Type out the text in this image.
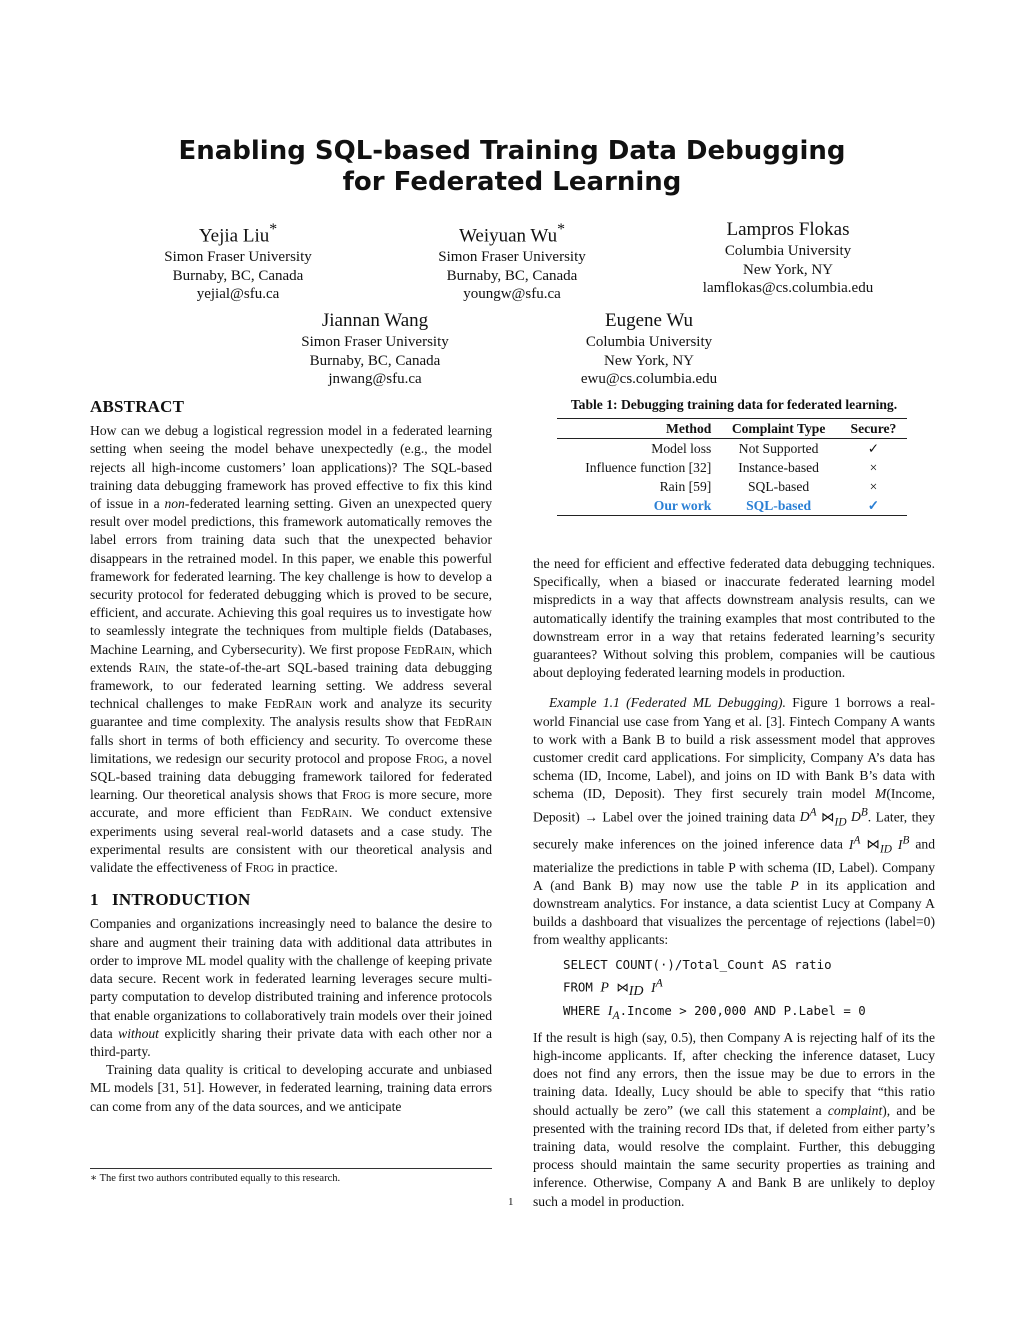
Enabling SQL-based Training Data Debugging
for Federated Learning
Yejia Liu*
Simon Fraser University
Burnaby, BC, Canada
yejial@sfu.ca
Weiyuan Wu*
Simon Fraser University
Burnaby, BC, Canada
youngw@sfu.ca
Lampros Flokas
Columbia University
New York, NY
lamflokas@cs.columbia.edu
Jiannan Wang
Simon Fraser University
Burnaby, BC, Canada
jnwang@sfu.ca
Eugene Wu
Columbia University
New York, NY
ewu@cs.columbia.edu
ABSTRACT

How can we debug a logistical regression model in a federated learning setting when seeing the model behave unexpectedly (e.g., the model rejects all high-income customers’ loan applications)? The SQL-based training data debugging framework has proved effective to fix this kind of issue in a non-federated learning setting. Given an unexpected query result over model predictions, this framework automatically removes the label errors from training data such that the unexpected behavior disappears in the retrained model. In this paper, we enable this powerful framework for federated learning. The key challenge is how to develop a security protocol for federated debugging which is proved to be secure, efficient, and accurate. Achieving this goal requires us to investigate how to seamlessly integrate the techniques from multiple fields (Databases, Machine Learning, and Cybersecurity). We first propose FedRain, which extends Rain, the state-of-the-art SQL-based training data debugging framework, to our federated learning setting. We address several technical challenges to make FedRain work and analyze its security guarantee and time complexity. The analysis results show that FedRain falls short in terms of both efficiency and security. To overcome these limitations, we redesign our security protocol and propose Frog, a novel SQL-based training data debugging framework tailored for federated learning. Our theoretical analysis shows that Frog is more secure, more accurate, and more efficient than FedRain. We conduct extensive experiments using several real-world datasets and a case study. The experimental results are consistent with our theoretical analysis and validate the effectiveness of Frog in practice.

1   INTRODUCTION

Companies and organizations increasingly need to balance the desire to share and augment their training data with additional data attributes in order to improve ML model quality with the challenge of keeping private data secure. Recent work in federated learning leverages secure multi-party computation to develop distributed training and inference protocols that enable organizations to collaboratively train models over their joined data without explicitly sharing their private data with each other nor a third-party.

Training data quality is critical to developing accurate and unbiased ML models [31, 51]. However, in federated learning, training data errors can come from any of the data sources, and we anticipate

∗ The first two authors contributed equally to this research.
1
Table 1: Debugging training data for federated learning.
Method	Complaint Type	Secure?
Model loss	Not Supported	✓
Influence function [32]	Instance-based	×
Rain [59]	SQL-based	×
Our work	SQL-based	✓

the need for efficient and effective federated data debugging techniques. Specifically, when a biased or inaccurate federated learning model mispredicts in a way that affects downstream analysis results, can we automatically identify the training examples that most contributed to the downstream error in a way that retains federated learning’s security guarantees? Without solving this problem, companies will be cautious about deploying federated learning models in production.

Example 1.1 (Federated ML Debugging). Figure 1 borrows a real-world Financial use case from Yang et al. [3]. Fintech Company A wants to work with a Bank B to build a risk assessment model that approves customer credit card applications. For simplicity, Company A’s data has schema (ID, Income, Label), and joins on ID with Bank B’s data with schema (ID, Deposit). They first securely train model M(Income, Deposit) → Label over the joined training data $D^A$ $⋈_{ID}$ $D^B$. Later, they securely make inferences on the joined inference data $I^A$ $⋈_{ID}$ $I^B$ and materialize the predictions in table P with schema (ID, Label). Company A (and Bank B) may now use the table P in its application and downstream analytics. For instance, a data scientist Lucy at Company A builds a dashboard that visualizes the percentage of rejections (label=0) from wealthy applicants:

SELECT COUNT(·)/Total_Count AS ratio
FROM P $⋈_{ID}$ $I^A$
WHERE $I_A.Income > 200,000$ AND P.Label = 0

If the result is high (say, 0.5), then Company A is rejecting half of its the high-income applicants. If, after checking the inference dataset, Lucy does not find any errors, then the issue may be due to errors in the training data. Ideally, Lucy should be able to specify that “this ratio should actually be zero” (we call this statement a complaint), and be presented with the training record IDs that, if deleted from either party’s training data, would resolve the complaint. Further, this debugging process should maintain the same security properties as training and inference. Otherwise, Company A and Bank B are unlikely to deploy such a model in production.
